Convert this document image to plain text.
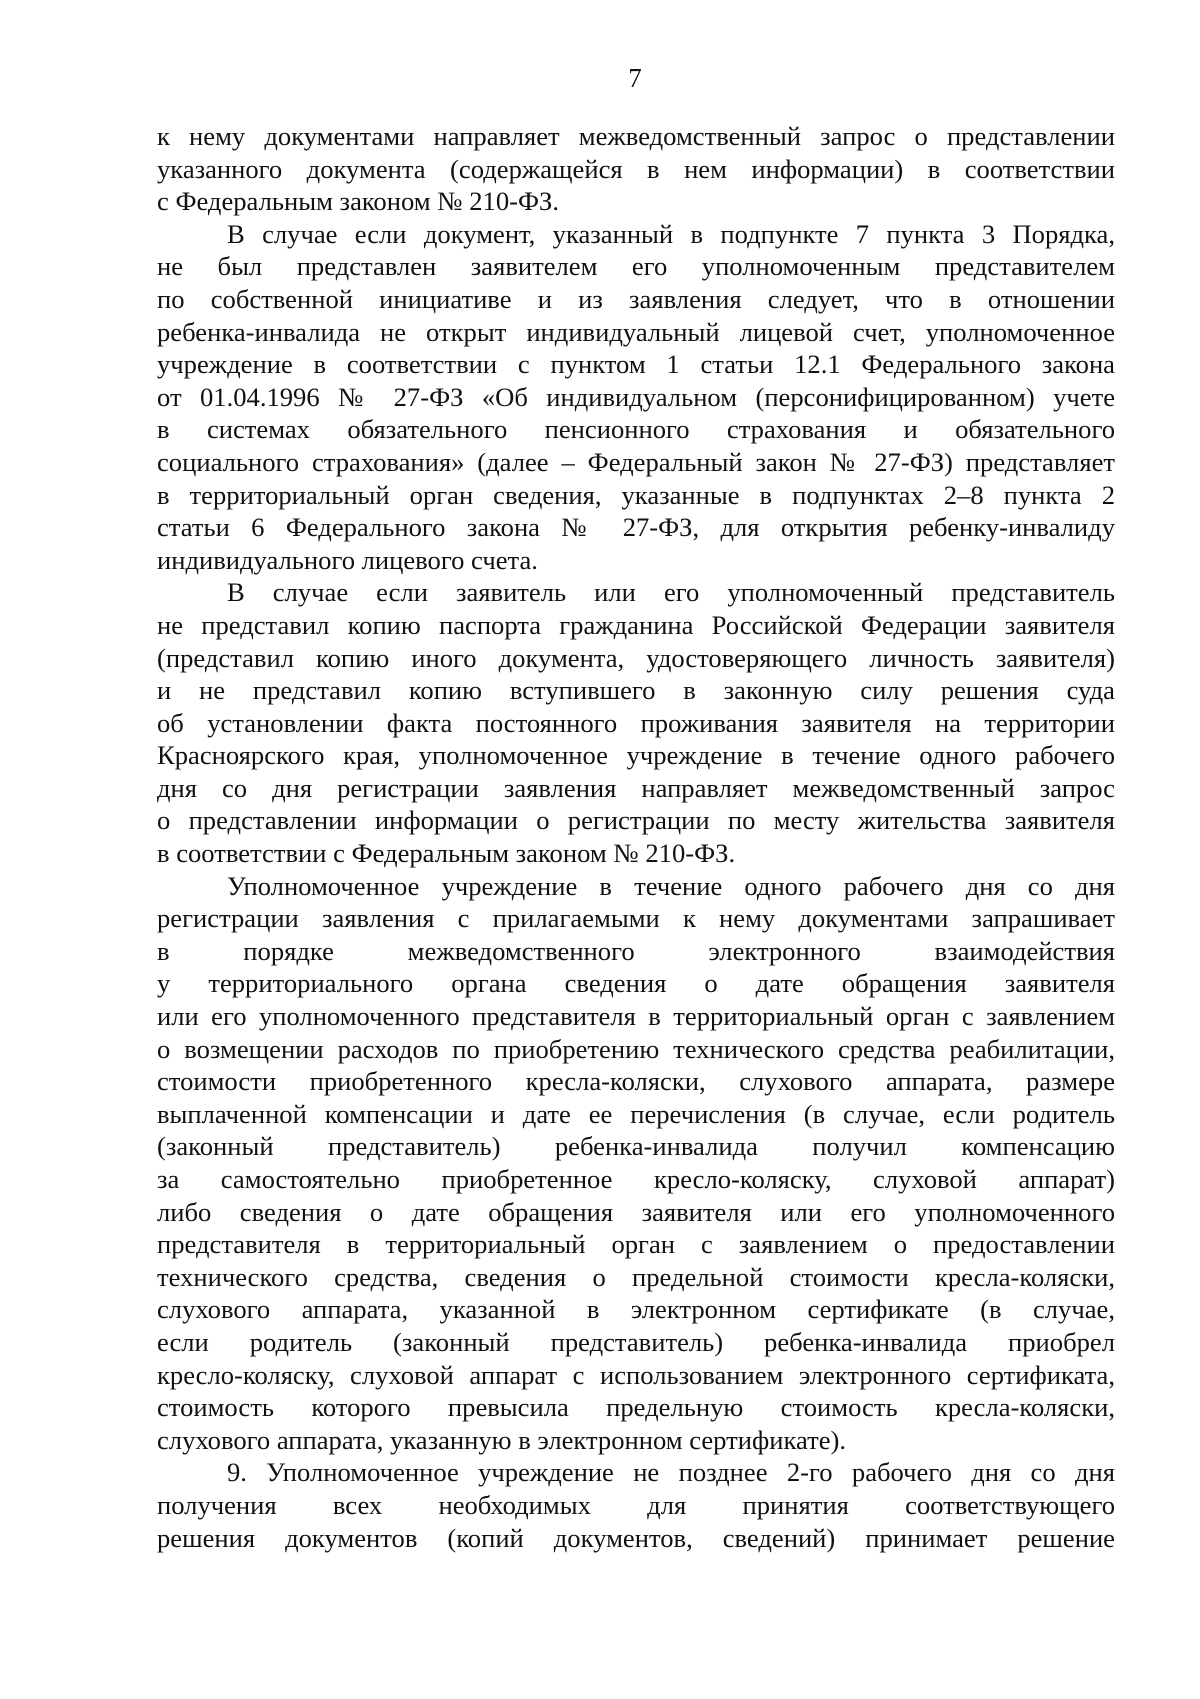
7
к нему документами направляет межведомственный запрос о представлении
указанного документа (содержащейся в нем информации) в соответствии
с Федеральным законом № 210-ФЗ.
В случае если документ, указанный в подпункте 7 пункта 3 Порядка,
не был представлен заявителем его уполномоченным представителем
по собственной инициативе и из заявления следует, что в отношении
ребенка-инвалида не открыт индивидуальный лицевой счет, уполномоченное
учреждение в соответствии с пунктом 1 статьи 12.1 Федерального закона
от 01.04.1996 № 27-ФЗ «Об индивидуальном (персонифицированном) учете
в системах обязательного пенсионного страхования и обязательного
социального страхования» (далее – Федеральный закон № 27-ФЗ) представляет
в территориальный орган сведения, указанные в подпунктах 2–8 пункта 2
статьи 6 Федерального закона № 27-ФЗ, для открытия ребенку-инвалиду
индивидуального лицевого счета.
В случае если заявитель или его уполномоченный представитель
не представил копию паспорта гражданина Российской Федерации заявителя
(представил копию иного документа, удостоверяющего личность заявителя)
и не представил копию вступившего в законную силу решения суда
об установлении факта постоянного проживания заявителя на территории
Красноярского края, уполномоченное учреждение в течение одного рабочего
дня со дня регистрации заявления направляет межведомственный запрос
о представлении информации о регистрации по месту жительства заявителя
в соответствии с Федеральным законом № 210-ФЗ.
Уполномоченное учреждение в течение одного рабочего дня со дня
регистрации заявления с прилагаемыми к нему документами запрашивает
в порядке межведомственного электронного взаимодействия
у территориального органа сведения о дате обращения заявителя
или его уполномоченного представителя в территориальный орган с заявлением
о возмещении расходов по приобретению технического средства реабилитации,
стоимости приобретенного кресла-коляски, слухового аппарата, размере
выплаченной компенсации и дате ее перечисления (в случае, если родитель
(законный представитель) ребенка-инвалида получил компенсацию
за самостоятельно приобретенное кресло-коляску, слуховой аппарат)
либо сведения о дате обращения заявителя или его уполномоченного
представителя в территориальный орган с заявлением о предоставлении
технического средства, сведения о предельной стоимости кресла-коляски,
слухового аппарата, указанной в электронном сертификате (в случае,
если родитель (законный представитель) ребенка-инвалида приобрел
кресло-коляску, слуховой аппарат с использованием электронного сертификата,
стоимость которого превысила предельную стоимость кресла-коляски,
слухового аппарата, указанную в электронном сертификате).
9. Уполномоченное учреждение не позднее 2-го рабочего дня со дня
получения всех необходимых для принятия соответствующего
решения документов (копий документов, сведений) принимает решение
